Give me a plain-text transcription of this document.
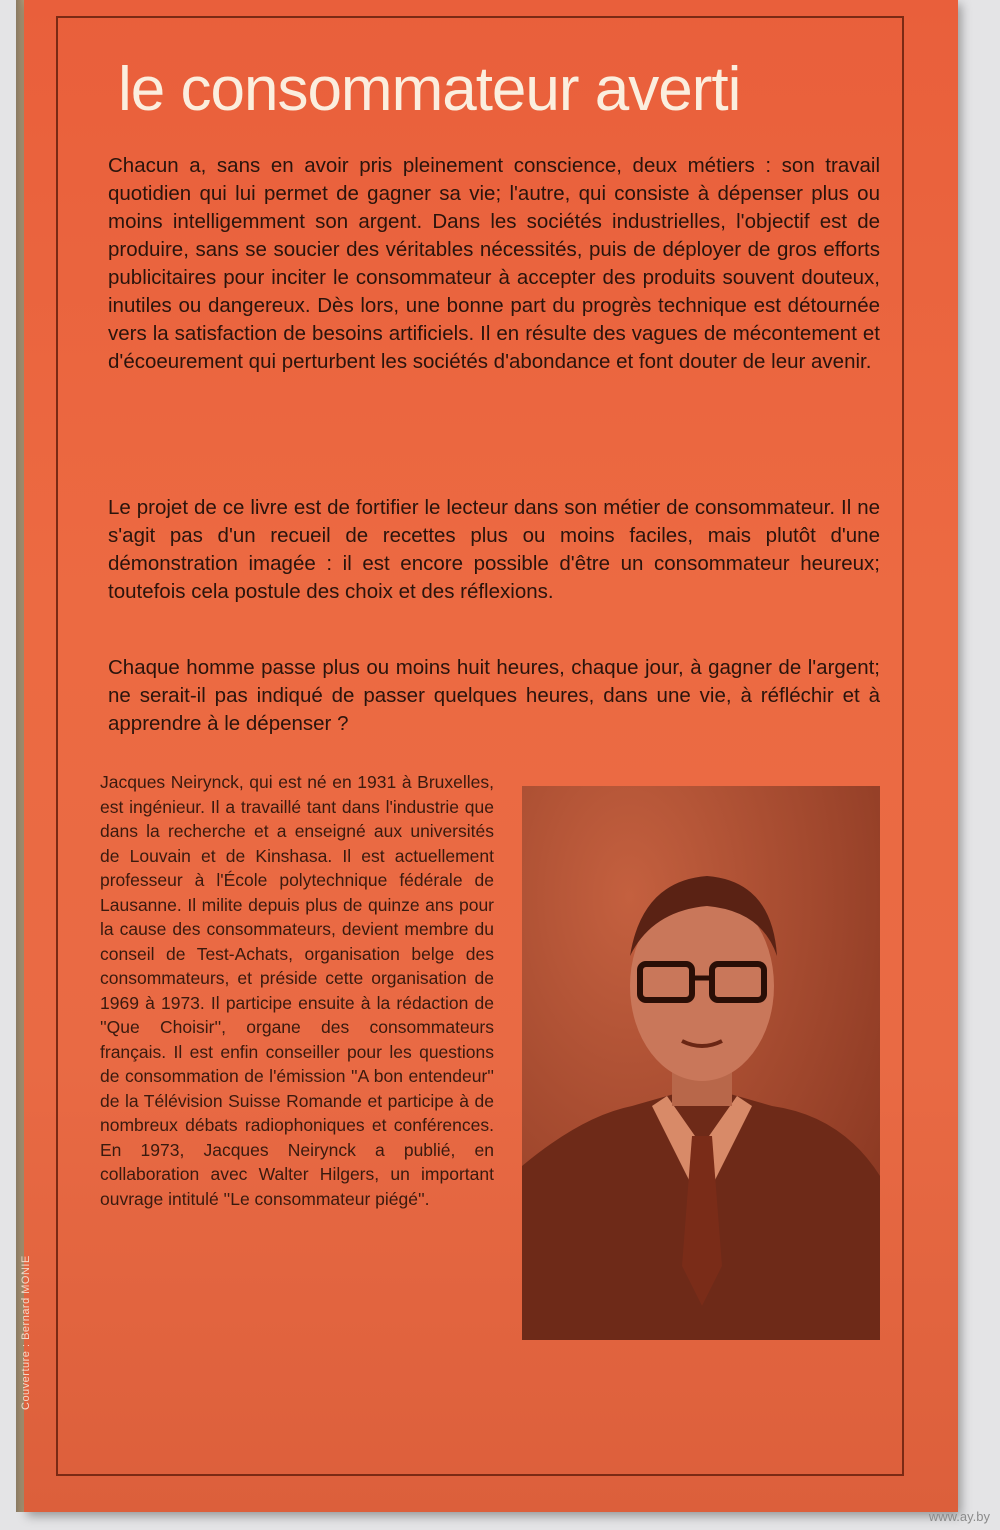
le consommateur averti

Chacun a, sans en avoir pris pleinement conscience, deux métiers : son travail quotidien qui lui permet de gagner sa vie; l'autre, qui consiste à dépenser plus ou moins intelligemment son argent. Dans les sociétés industrielles, l'objectif est de produire, sans se soucier des véritables nécessités, puis de déployer de gros efforts publicitaires pour inciter le consommateur à accepter des produits souvent douteux, inutiles ou dangereux. Dès lors, une bonne part du progrès technique est détournée vers la satisfaction de besoins artificiels. Il en résulte des vagues de mécontement et d'écoeurement qui perturbent les sociétés d'abondance et font douter de leur avenir.

Le projet de ce livre est de fortifier le lecteur dans son métier de consommateur. Il ne s'agit pas d'un recueil de recettes plus ou moins faciles, mais plutôt d'une démonstration imagée : il est encore possible d'être un consommateur heureux; toutefois cela postule des choix et des réflexions.

Chaque homme passe plus ou moins huit heures, chaque jour, à gagner de l'argent; ne serait-il pas indiqué de passer quelques heures, dans une vie, à réfléchir et à apprendre à le dépenser ?

Jacques Neirynck, qui est né en 1931 à Bruxelles, est ingénieur. Il a travaillé tant dans l'industrie que dans la recherche et a enseigné aux universités de Louvain et de Kinshasa. Il est actuellement professeur à l'École polytechnique fédérale de Lausanne. Il milite depuis plus de quinze ans pour la cause des consommateurs, devient membre du conseil de Test-Achats, organisation belge des consommateurs, et préside cette organisation de 1969 à 1973. Il participe ensuite à la rédaction de ''Que Choisir'', organe des consommateurs français. Il est enfin conseiller pour les questions de consommation de l'émission ''A bon entendeur'' de la Télévision Suisse Romande et participe à de nombreux débats radiophoniques et conférences. En 1973, Jacques Neirynck a publié, en collaboration avec Walter Hilgers, un important ouvrage intitulé ''Le consommateur piégé''.

Couverture : Bernard MONIE
www.ay.by
